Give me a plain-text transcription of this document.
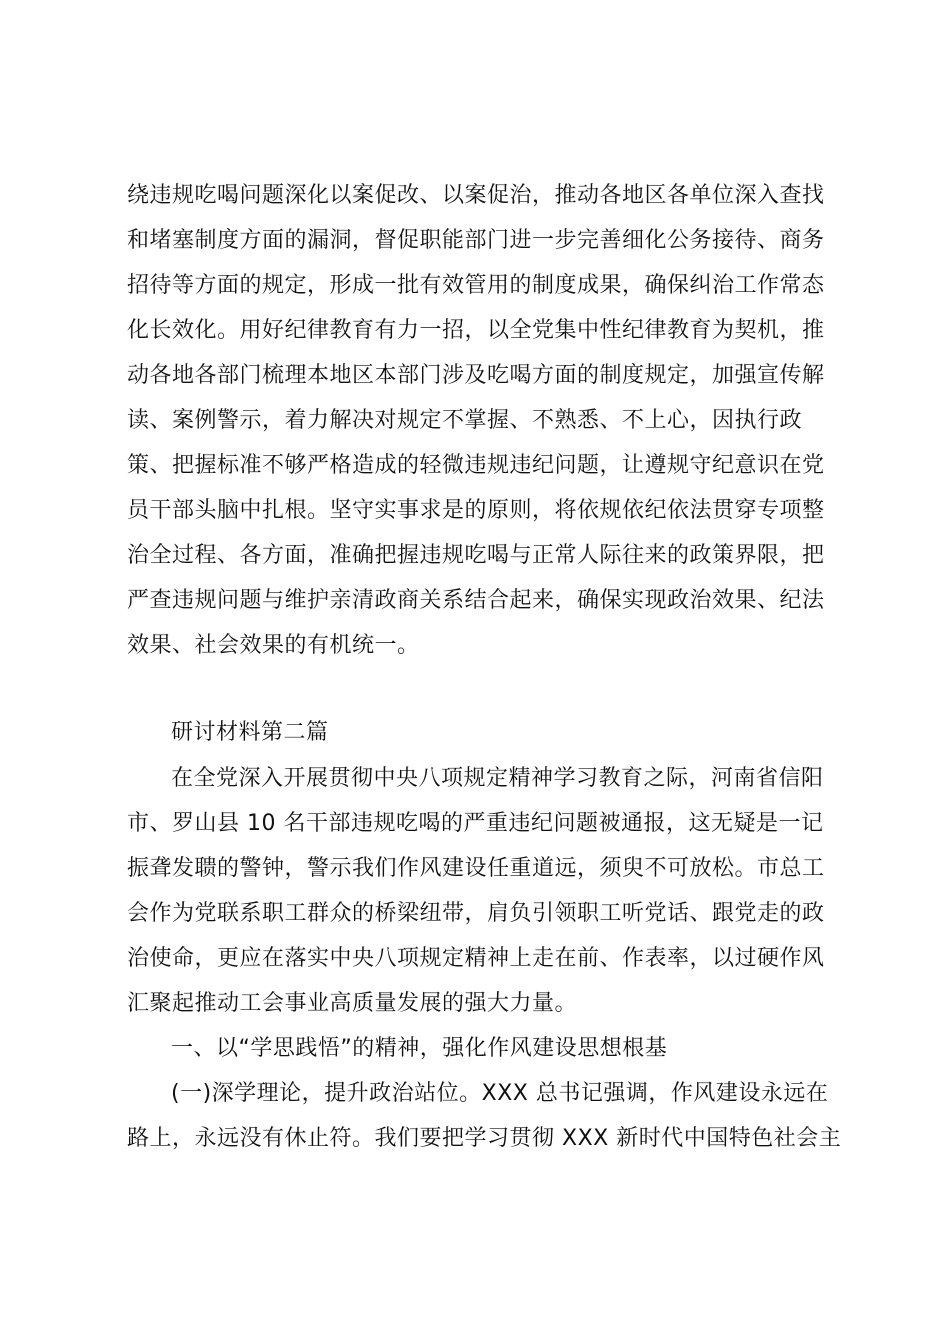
绕违规吃喝问题深化以案促改、以案促治，推动各地区各单位深入查找
和堵塞制度方面的漏洞，督促职能部门进一步完善细化公务接待、商务
招待等方面的规定，形成一批有效管用的制度成果，确保纠治工作常态
化长效化。用好纪律教育有力一招，以全党集中性纪律教育为契机，推
动各地各部门梳理本地区本部门涉及吃喝方面的制度规定，加强宣传解
读、案例警示，着力解决对规定不掌握、不熟悉、不上心，因执行政
策、把握标准不够严格造成的轻微违规违纪问题，让遵规守纪意识在党
员干部头脑中扎根。坚守实事求是的原则，将依规依纪依法贯穿专项整
治全过程、各方面，准确把握违规吃喝与正常人际往来的政策界限，把
严查违规问题与维护亲清政商关系结合起来，确保实现政治效果、纪法
效果、社会效果的有机统一。
研讨材料第二篇
在全党深入开展贯彻中央八项规定精神学习教育之际，河南省信阳
市、罗山县 10 名干部违规吃喝的严重违纪问题被通报，这无疑是一记
振聋发聩的警钟，警示我们作风建设任重道远，须臾不可放松。市总工
会作为党联系职工群众的桥梁纽带，肩负引领职工听党话、跟党走的政
治使命，更应在落实中央八项规定精神上走在前、作表率，以过硬作风
汇聚起推动工会事业高质量发展的强大力量。
一、以“学思践悟”的精神，强化作风建设思想根基
(一)深学理论，提升政治站位。XXX 总书记强调，作风建设永远在
路上，永远没有休止符。我们要把学习贯彻 XXX 新时代中国特色社会主
